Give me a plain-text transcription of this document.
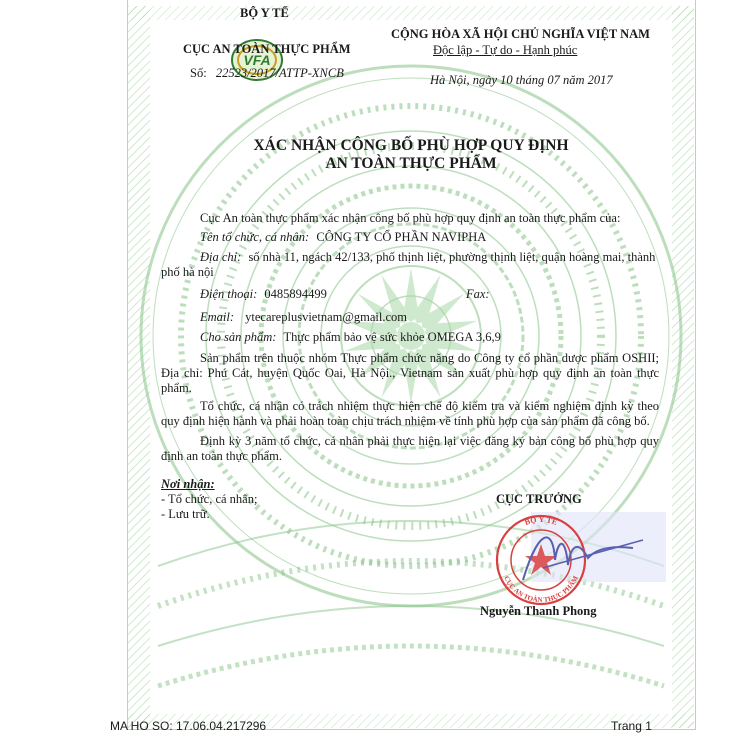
VFA
BỘ Y TẾ
CỤC AN TOÀN THỰC PHẨM
Số: 22523/2017/ATTP-XNCB
CỘNG HÒA XÃ HỘI CHỦ NGHĨA VIỆT NAM
Độc lập - Tự do - Hạnh phúc
Hà Nội, ngày 10 tháng 07 năm 2017
XÁC NHẬN CÔNG BỐ PHÙ HỢP QUY ĐỊNH
AN TOÀN THỰC PHẨM
Cục An toàn thực phẩm xác nhận công bố phù hợp quy định an toàn thực phẩm của:
Tên tổ chức, cá nhân: CÔNG TY CỔ PHẦN NAVIPHA
Địa chỉ: số nhà 11, ngách 42/133, phố thịnh liệt, phường thịnh liệt, quận hoàng mai, thành
phố hà nội
Điện thoại: 0485894499	Fax:
Email: ytecareplusvietnam@gmail.com
Cho sản phẩm: Thực phẩm bảo vệ sức khỏe OMEGA 3,6,9
Sản phẩm trên thuộc nhóm Thực phẩm chức năng do Công ty cổ phần dược phẩm OSHII; Địa chỉ: Phú Cát, huyện Quốc Oai, Hà Nội., Vietnam sản xuất phù hợp quy định an toàn thực phẩm.
Tổ chức, cá nhân có trách nhiệm thực hiện chế độ kiểm tra và kiểm nghiệm định kỳ theo quy định hiện hành và phải hoàn toàn chịu trách nhiệm về tính phù hợp của sản phẩm đã công bố.
Định kỳ 3 năm tổ chức, cá nhân phải thực hiện lại việc đăng ký bản công bố phù hợp quy định an toàn thực phẩm.
Nơi nhận:
- Tổ chức, cá nhân;
- Lưu trữ.
CỤC TRƯỞNG
BỘ Y TẾ
CỤC AN TOÀN THỰC PHẨM
Nguyễn Thanh Phong
MA HO SO: 17.06.04.217296	Trang 1
